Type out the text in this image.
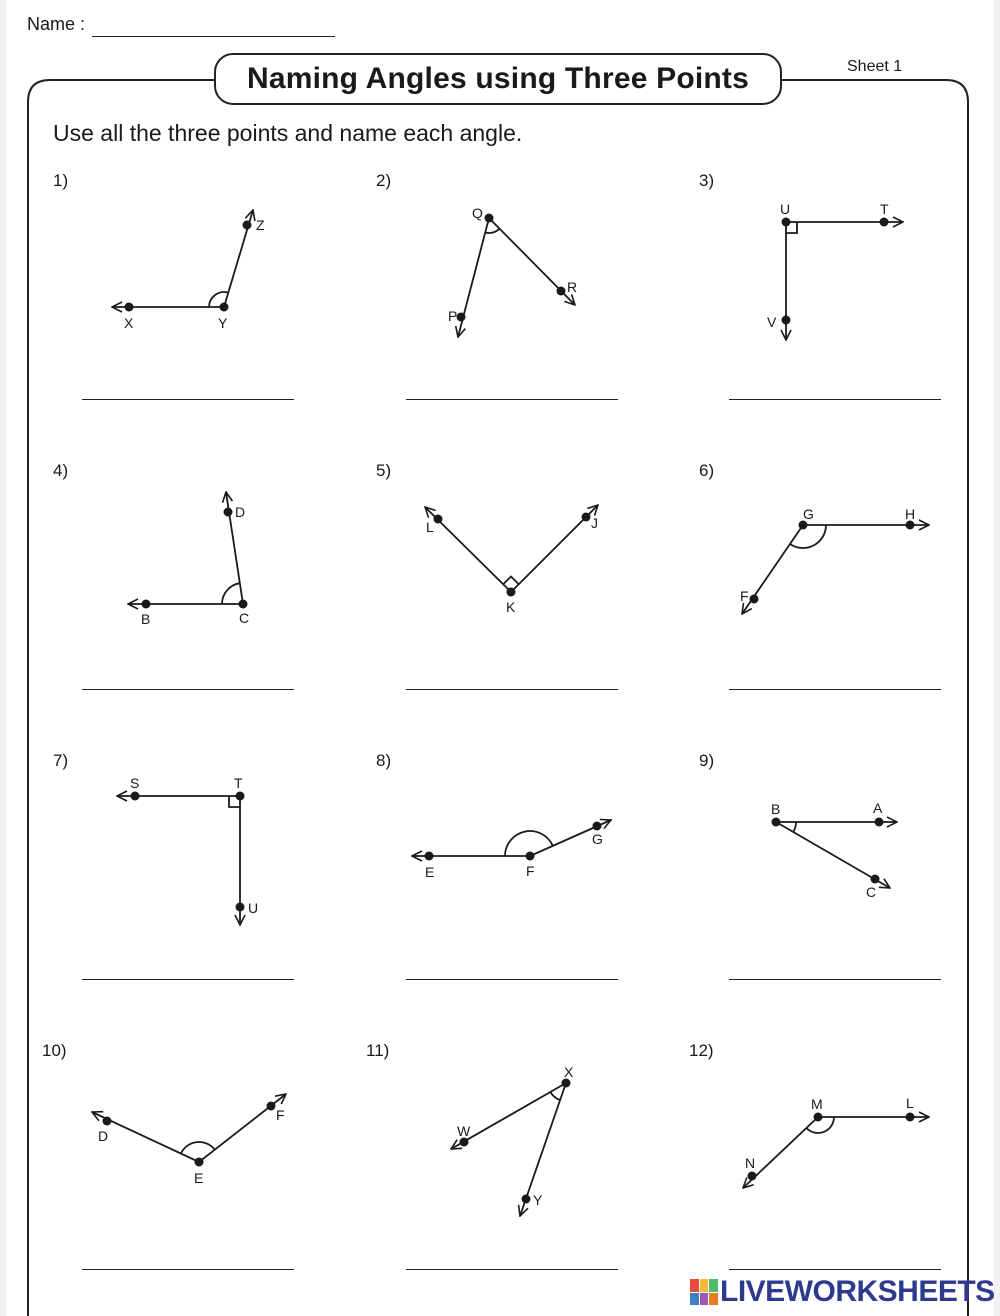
Name :
Sheet 1
Naming Angles using Three Points
Use all the three points and name each angle.
1)	2)	3)
4)	5)	6)
7)	8)	9)
10)	11)	12)
X	Y
Z
Q
R
P
U	T
V
D
B	C
L	J
K
G	H
F
S	T
U
G
E	F
B	A
C
D
F
E
X
W
Y
M	L
N
LIVEWORKSHEETS
